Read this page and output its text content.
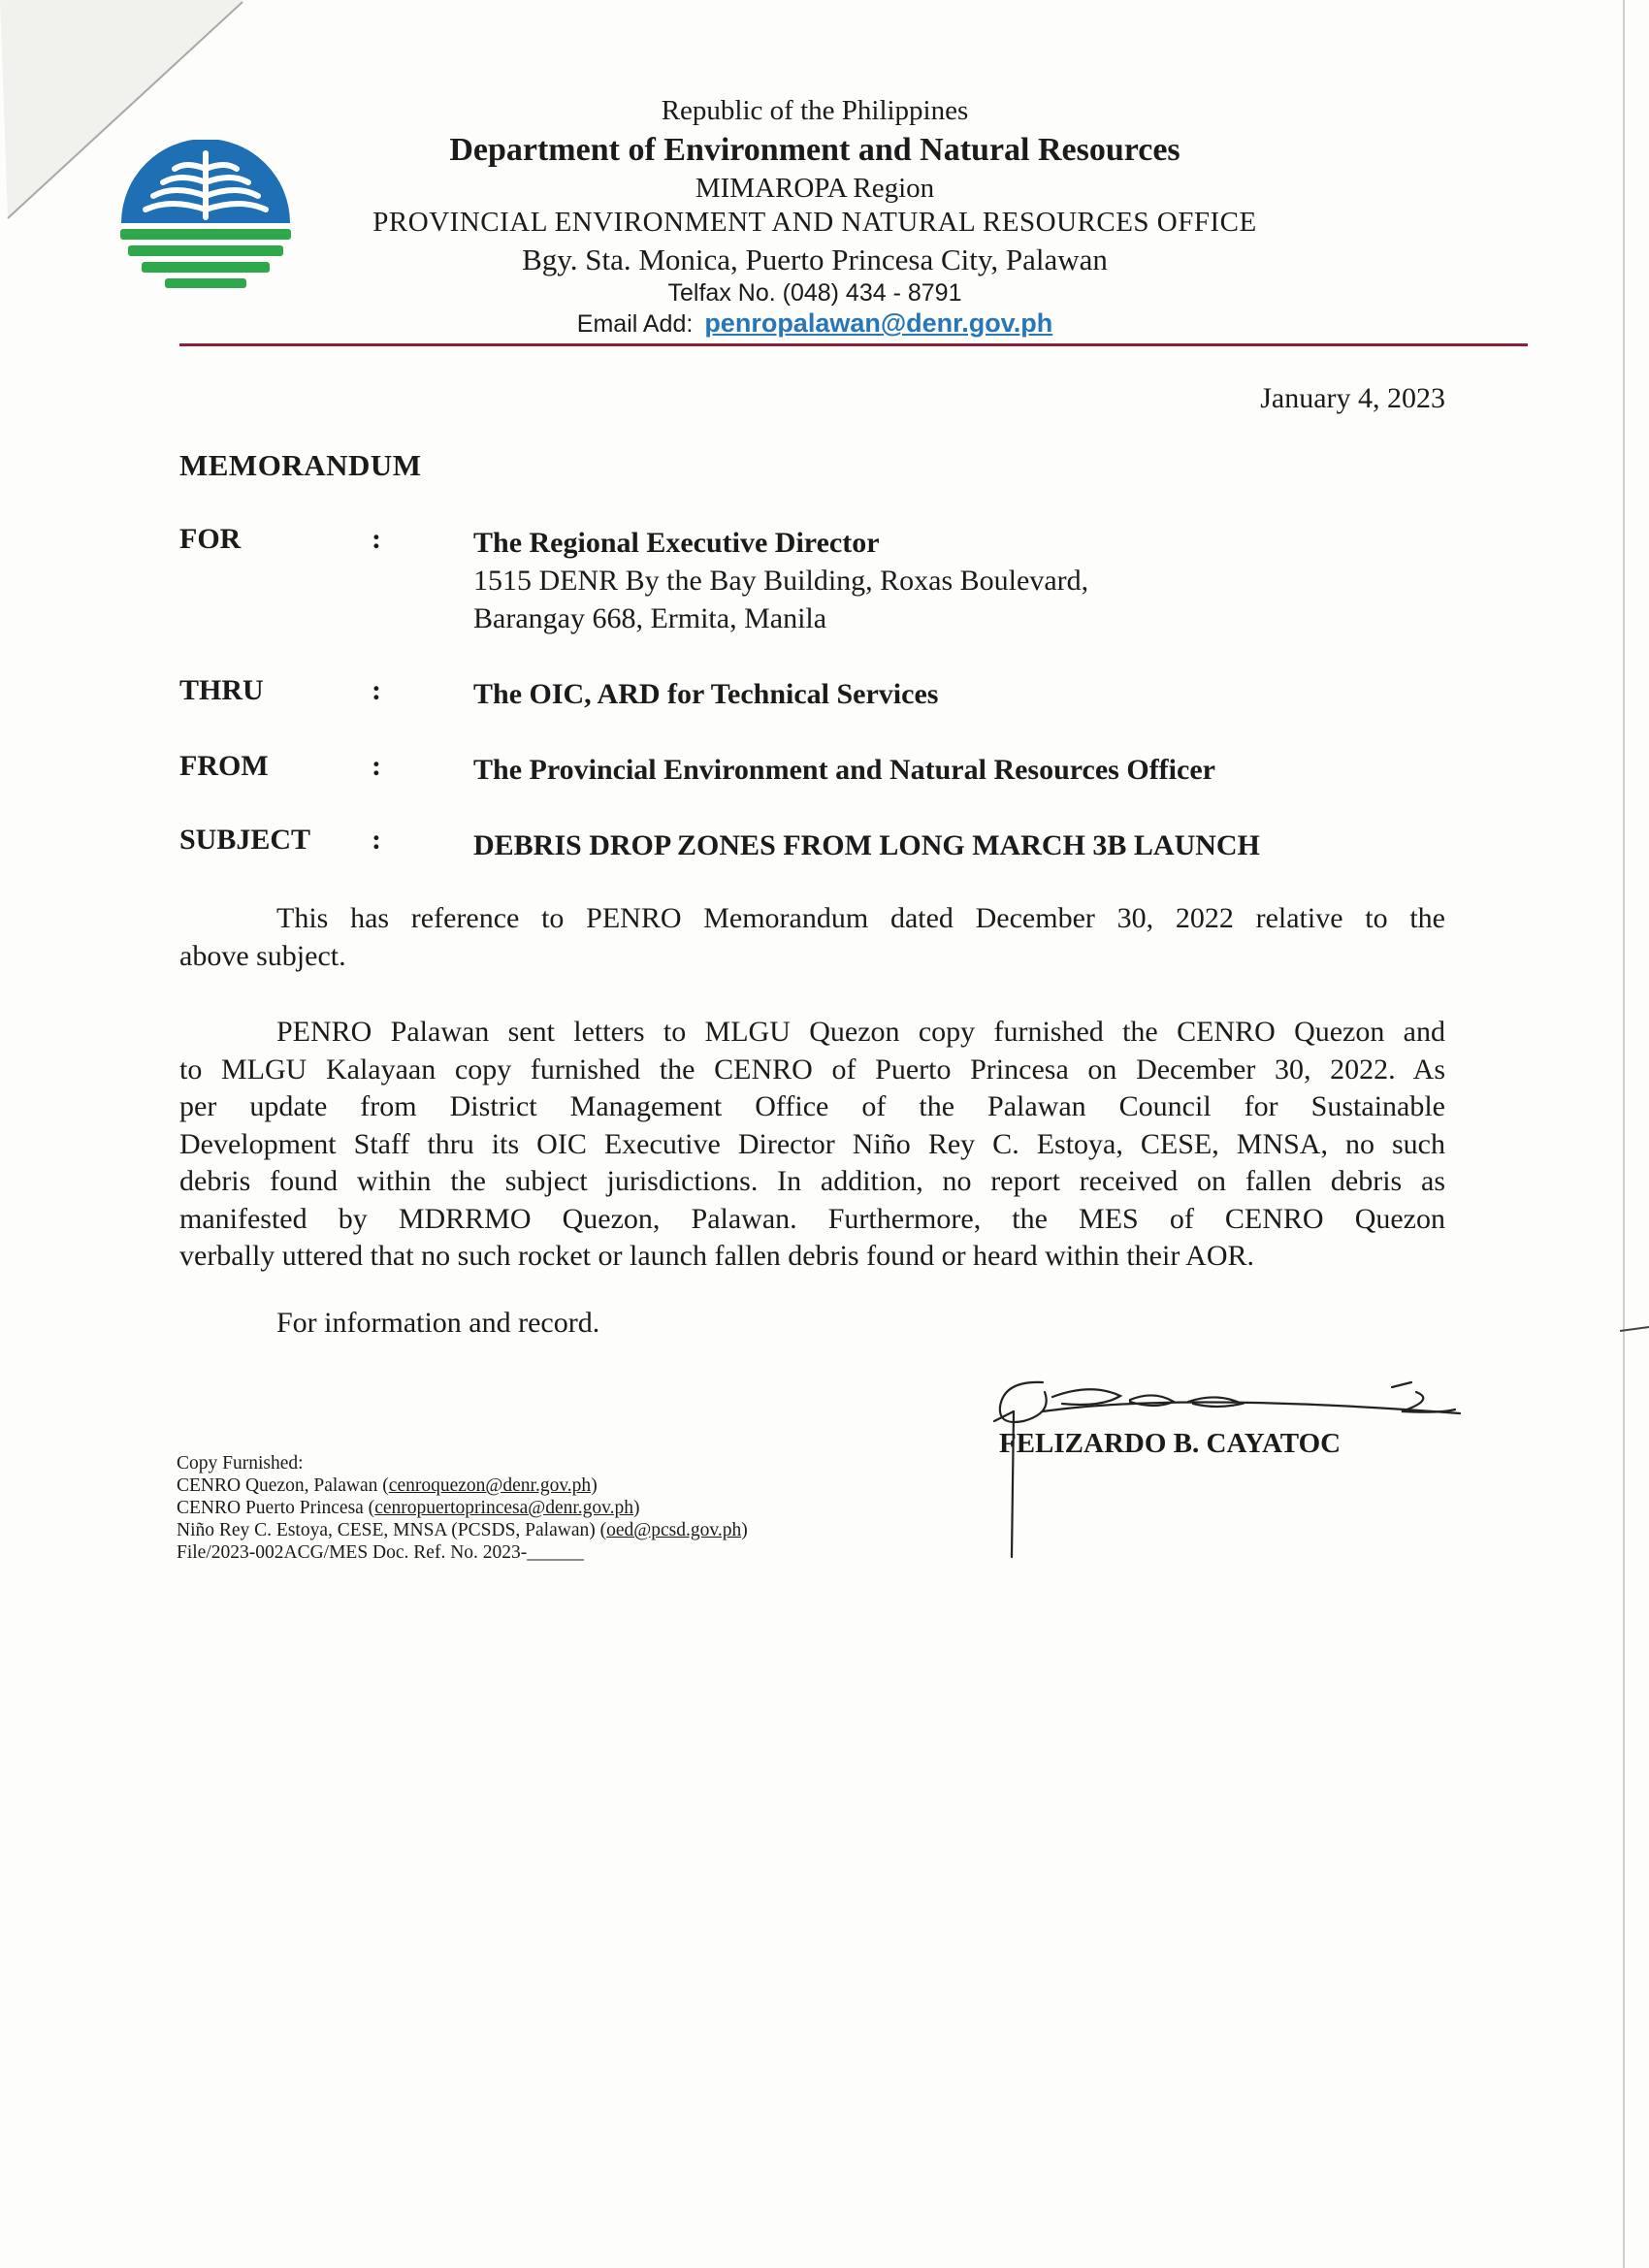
Republic of the Philippines
Department of Environment and Natural Resources
MIMAROPA Region
PROVINCIAL ENVIRONMENT AND NATURAL RESOURCES OFFICE
Bgy. Sta. Monica, Puerto Princesa City, Palawan
Telfax No. (048) 434 - 8791
Email Add: penropalawan@denr.gov.ph
January 4, 2023
MEMORANDUM
FOR	:	The Regional Executive Director
1515 DENR By the Bay Building, Roxas Boulevard,
Barangay 668, Ermita, Manila
THRU	:	The OIC, ARD for Technical Services
FROM	:	The Provincial Environment and Natural Resources Officer
SUBJECT :	DEBRIS DROP ZONES FROM LONG MARCH 3B LAUNCH
This has reference to PENRO Memorandum dated December 30, 2022 relative to the
above subject.
PENRO Palawan sent letters to MLGU Quezon copy furnished the CENRO Quezon and
to MLGU Kalayaan copy furnished the CENRO of Puerto Princesa on December 30, 2022. As
per update from District Management Office of the Palawan Council for Sustainable
Development Staff thru its OIC Executive Director Niño Rey C. Estoya, CESE, MNSA, no such
debris found within the subject jurisdictions. In addition, no report received on fallen debris as
manifested by MDRRMO Quezon, Palawan. Furthermore, the MES of CENRO Quezon
verbally uttered that no such rocket or launch fallen debris found or heard within their AOR.
For information and record.
FELIZARDO B. CAYATOC
Copy Furnished:
CENRO Quezon, Palawan (cenroquezon@denr.gov.ph)
CENRO Puerto Princesa (cenropuertoprincesa@denr.gov.ph)
Niño Rey C. Estoya, CESE, MNSA (PCSDS, Palawan) (oed@pcsd.gov.ph)
File/2023-002ACG/MES Doc. Ref. No. 2023-______
